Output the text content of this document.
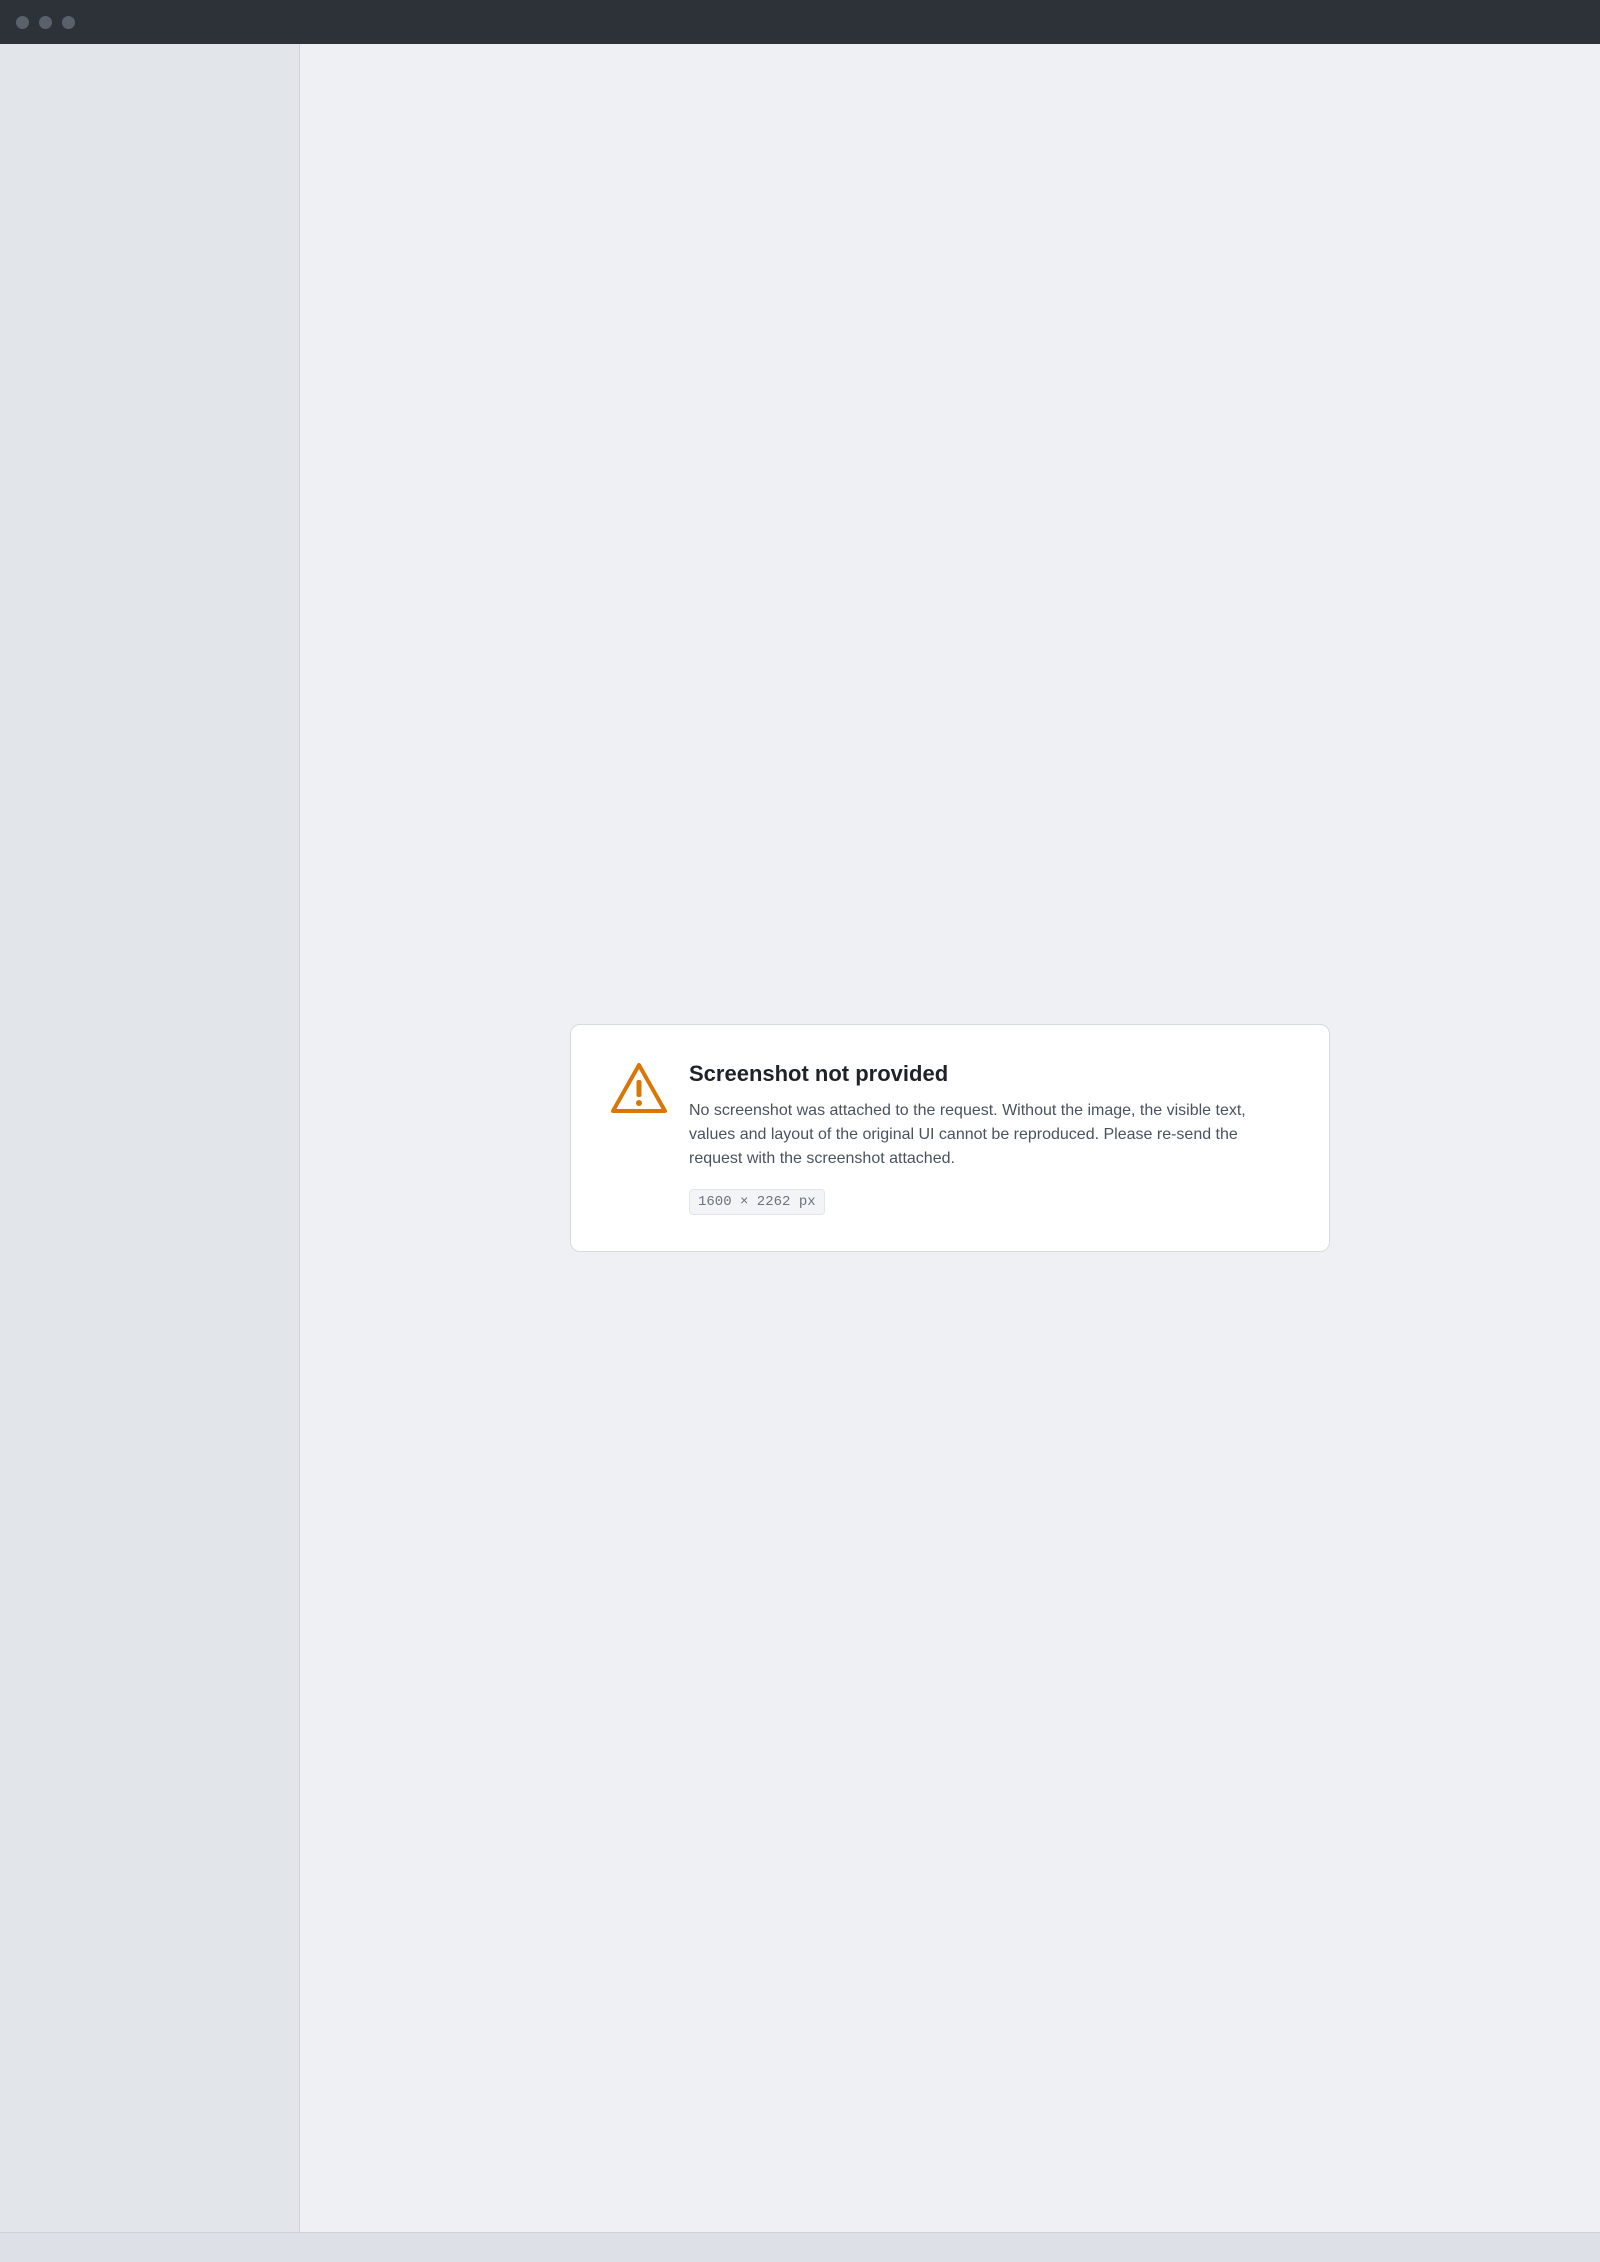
Screenshot not provided
No screenshot was attached to the request. Without the image, the visible text, values and layout of the original UI cannot be reproduced. Please re-send the request with the screenshot attached.
1600 × 2262 px
